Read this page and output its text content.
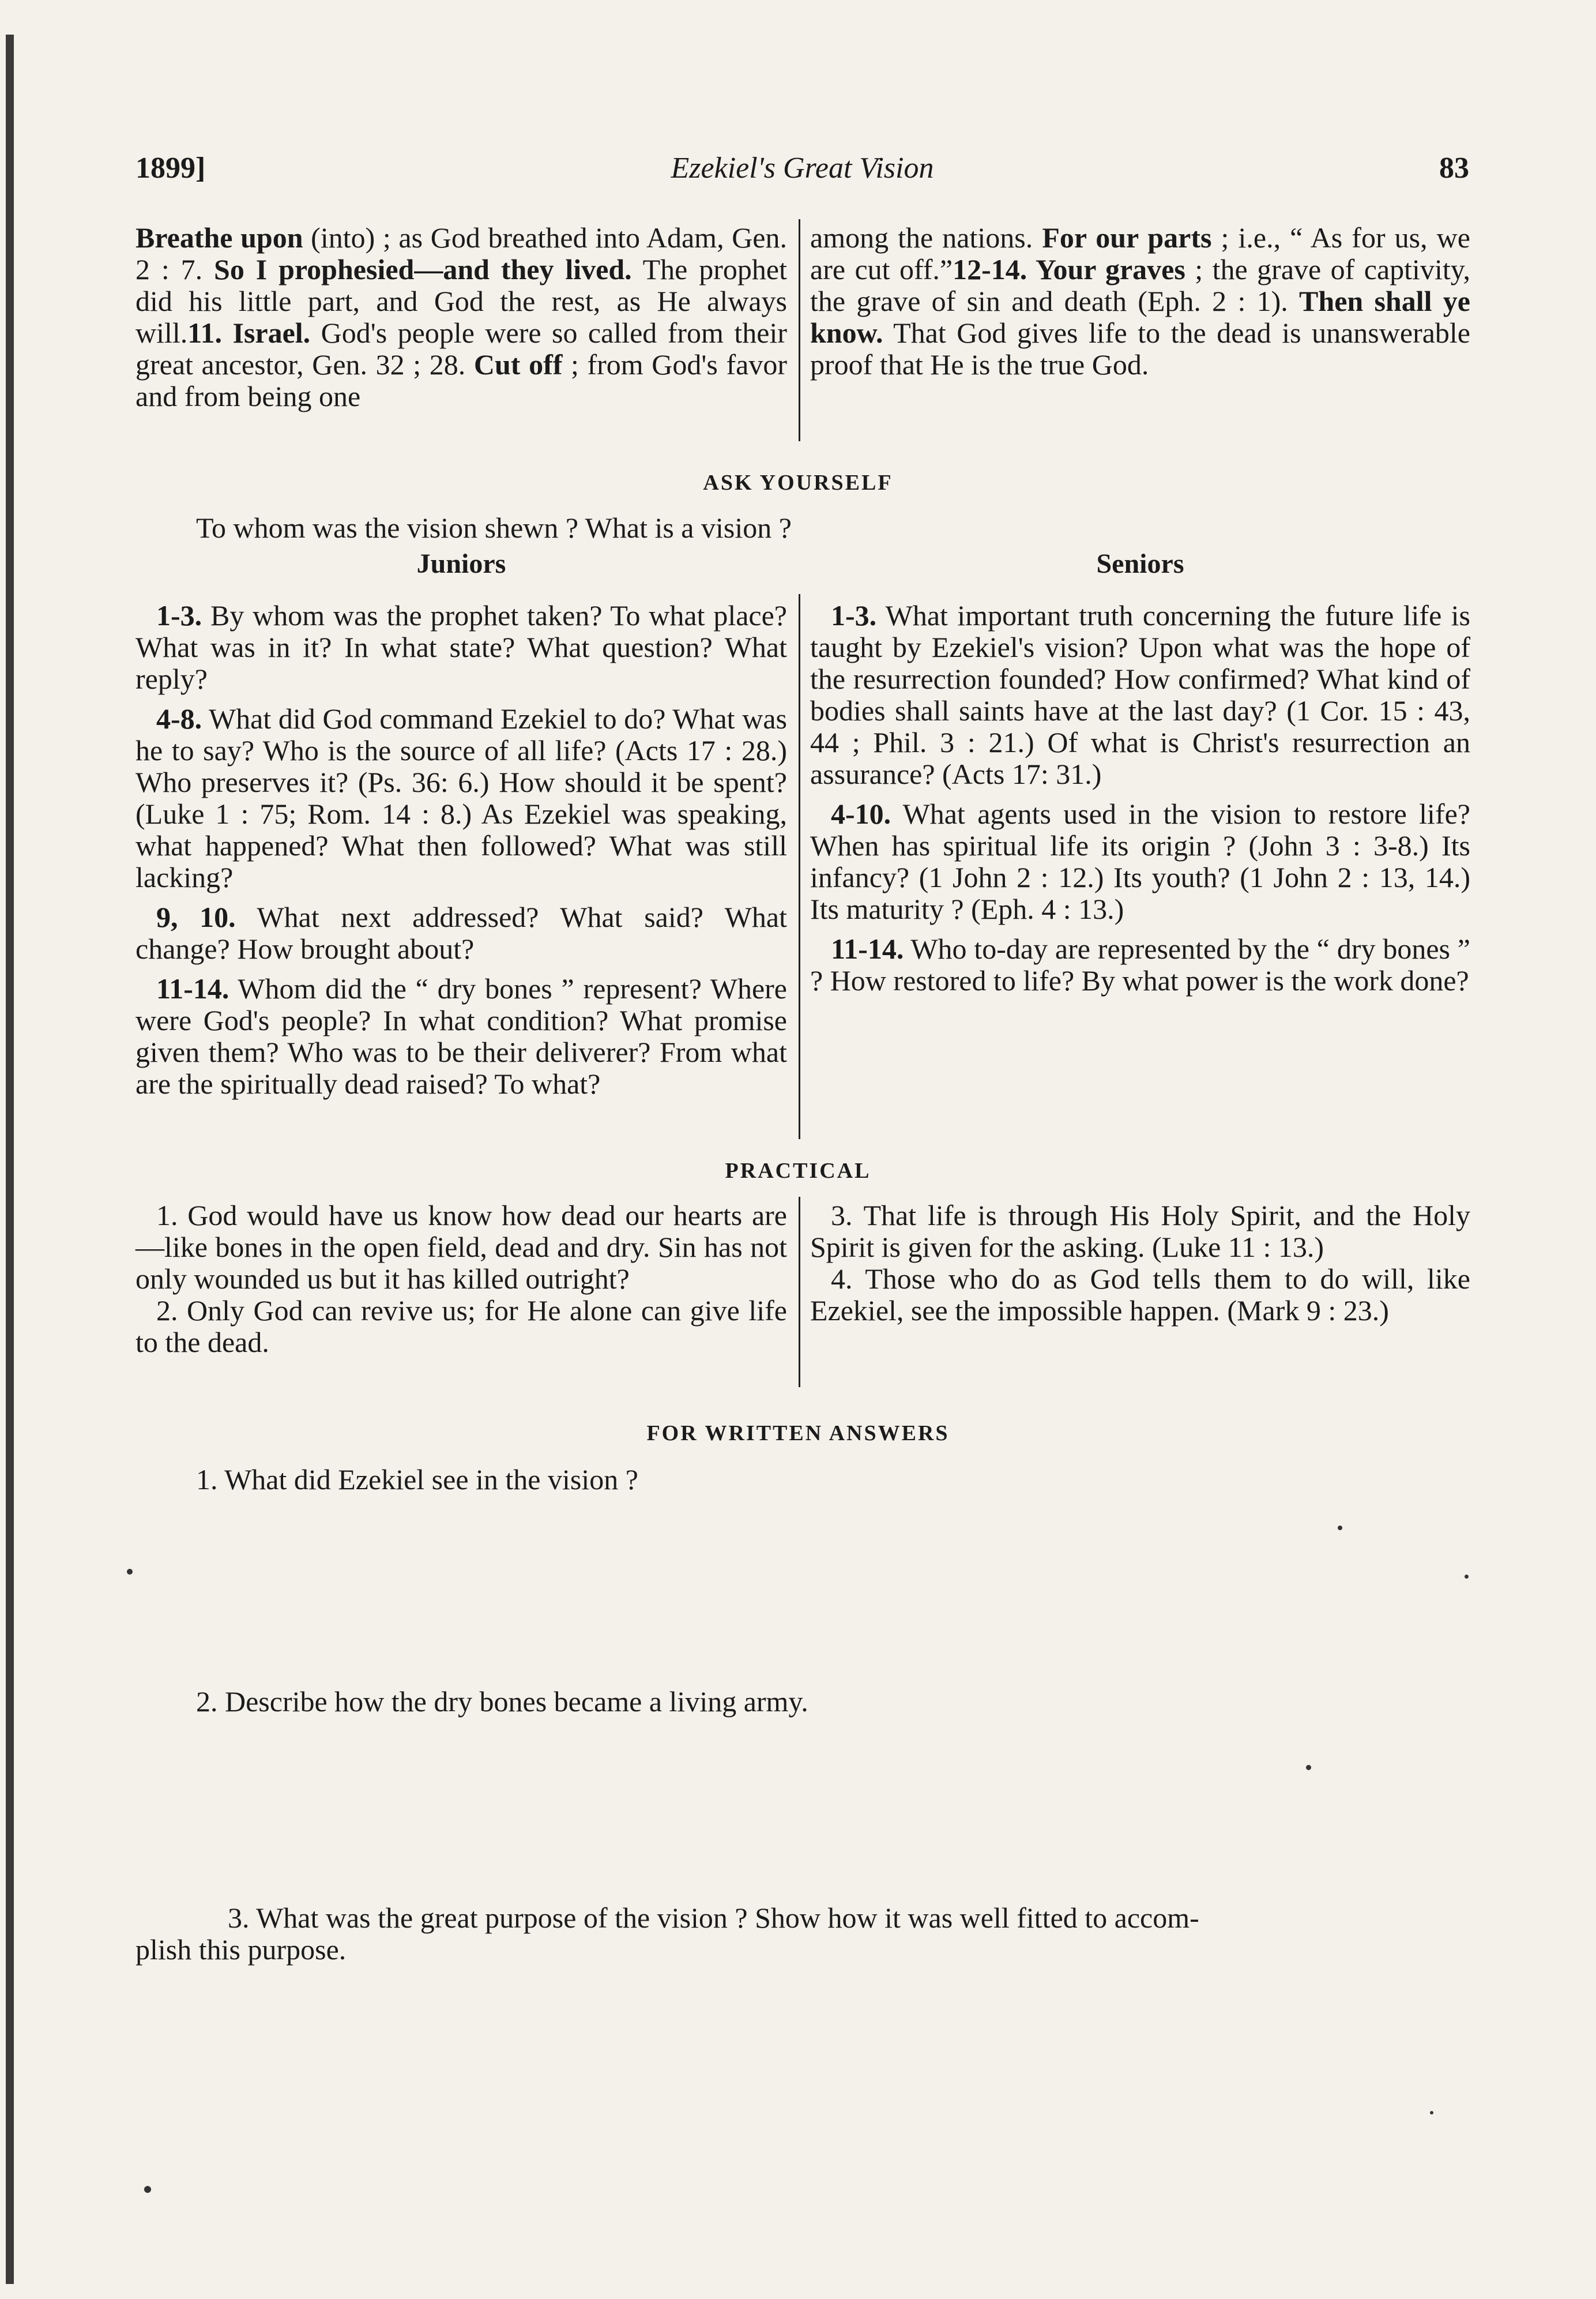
1899]	Ezekiel's Great Vision	83

Breathe upon (into) ; as God breathed into Adam, Gen. 2 : 7. So I prophesied—and they lived. The prophet did his little part, and God the rest, as He always will.11. Israel. God's people were so called from their great ancestor, Gen. 32 ; 28. Cut off ; from God's favor and from being one

among the nations. For our parts ; i.e., “ As for us, we are cut off.”12-14. Your graves ; the grave of captivity, the grave of sin and death (Eph. 2 : 1). Then shall ye know. That God gives life to the dead is unanswerable proof that He is the true God.

ASK YOURSELF
To whom was the vision shewn ? What is a vision ?
Juniors	Seniors

1-3. By whom was the prophet taken? To what place? What was in it? In what state? What question? What reply?

4-8. What did God command Ezekiel to do? What was he to say? Who is the source of all life? (Acts 17 : 28.) Who preserves it? (Ps. 36: 6.) How should it be spent? (Luke 1 : 75; Rom. 14 : 8.) As Ezekiel was speaking, what happened? What then followed? What was still lacking?

9, 10. What next addressed? What said? What change? How brought about?

11-14. Whom did the “ dry bones ” represent? Where were God's people? In what condition? What promise given them? Who was to be their deliverer? From what are the spiritually dead raised? To what?

1-3. What important truth concerning the future life is taught by Ezekiel's vision? Upon what was the hope of the resurrection founded? How confirmed? What kind of bodies shall saints have at the last day? (1 Cor. 15 : 43, 44 ; Phil. 3 : 21.) Of what is Christ's resurrection an assurance? (Acts 17: 31.)

4-10. What agents used in the vision to restore life? When has spiritual life its origin ? (John 3 : 3-8.) Its infancy? (1 John 2 : 12.) Its youth? (1 John 2 : 13, 14.) Its maturity ? (Eph. 4 : 13.)

11-14. Who to-day are represented by the “ dry bones ” ? How restored to life? By what power is the work done?

PRACTICAL

1. God would have us know how dead our hearts are—like bones in the open field, dead and dry. Sin has not only wounded us but it has killed outright?

2. Only God can revive us; for He alone can give life to the dead.

3. That life is through His Holy Spirit, and the Holy Spirit is given for the asking. (Luke 11 : 13.)

4. Those who do as God tells them to do will, like Ezekiel, see the impossible happen. (Mark 9 : 23.)

FOR WRITTEN ANSWERS
1. What did Ezekiel see in the vision ?
2. Describe how the dry bones became a living army.
3. What was the great purpose of the vision ? Show how it was well fitted to accom-
plish this purpose.
